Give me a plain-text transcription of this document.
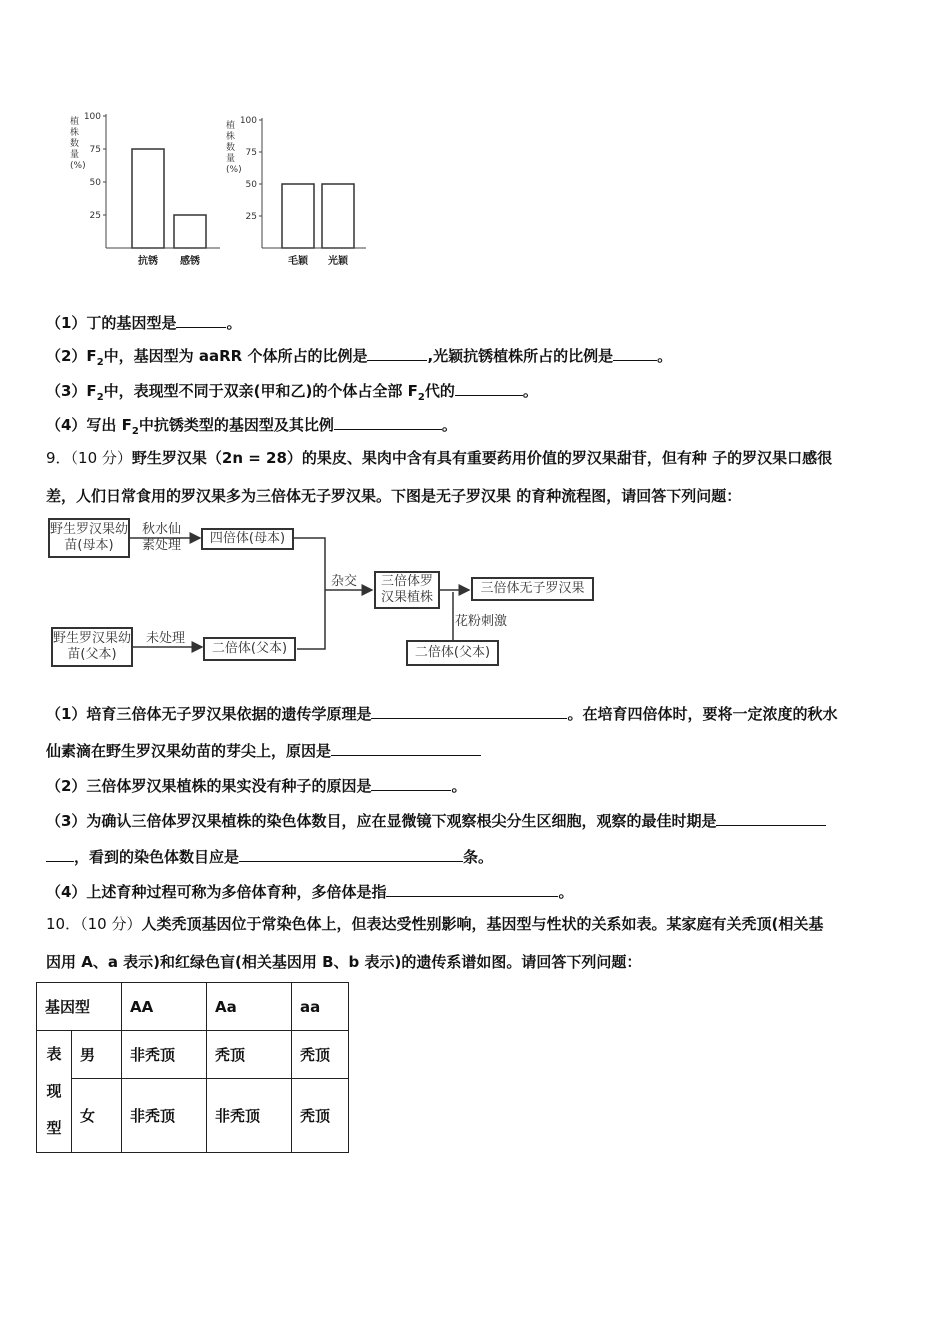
植
株
数
量
(%)
25
50
75
100
抗锈 感锈
植
株
数
量
(%)
25
50
75
100
毛颖 光颖
（1）丁的基因型是	。
$(2)F_2$中，基因型为 aaRR 个体所占的比例是	,光颖抗锈植株所占的比例是	。
$(3)F_2$中，表现型不同于双亲(甲和乙)的个体占全部 $F_2$代的	。
（4）写出 $F_2$中抗锈类型的基因型及其比例	。
9．（10 分）野生罗汉果（2n = 28）的果皮、果肉中含有具有重要药用价值的罗汉果甜苷，但有种 子的罗汉果口感很
差，人们日常食用的罗汉果多为三倍体无子罗汉果。下图是无子罗汉果 的育种流程图，请回答下列问题：
野生罗汉果幼苗(母本)
秋水仙素处理	四倍体(母本)
杂交	三倍体罗汉果植株
三倍体无子罗汉果
花粉刺激
野生罗汉果幼苗(父本)
未处理
二倍体(父本)	二倍体(父本)
（1）培育三倍体无子罗汉果依据的遗传学原理是	。在培育四倍体时，要将一定浓度的秋水
仙素滴在野生罗汉果幼苗的芽尖上，原因是
（2）三倍体罗汉果植株的果实没有种子的原因是	。
（3）为确认三倍体罗汉果植株的染色体数目，应在显微镜下观察根尖分生区细胞，观察的最佳时期是
，看到的染色体数目应是	条。
（4）上述育种过程可称为多倍体育种，多倍体是指	。
10．（10 分）人类秃顶基因位于常染色体上，但表达受性别影响，基因型与性状的关系如表。某家庭有关秃顶(相关基
因用 A、a 表示)和红绿色盲(相关基因用 B、b 表示)的遗传系谱如图。请回答下列问题：
基因型		AA	Aa	aa
表现型	男	非秃顶	秃顶	秃顶
	女	非秃顶	非秃顶	秃顶
